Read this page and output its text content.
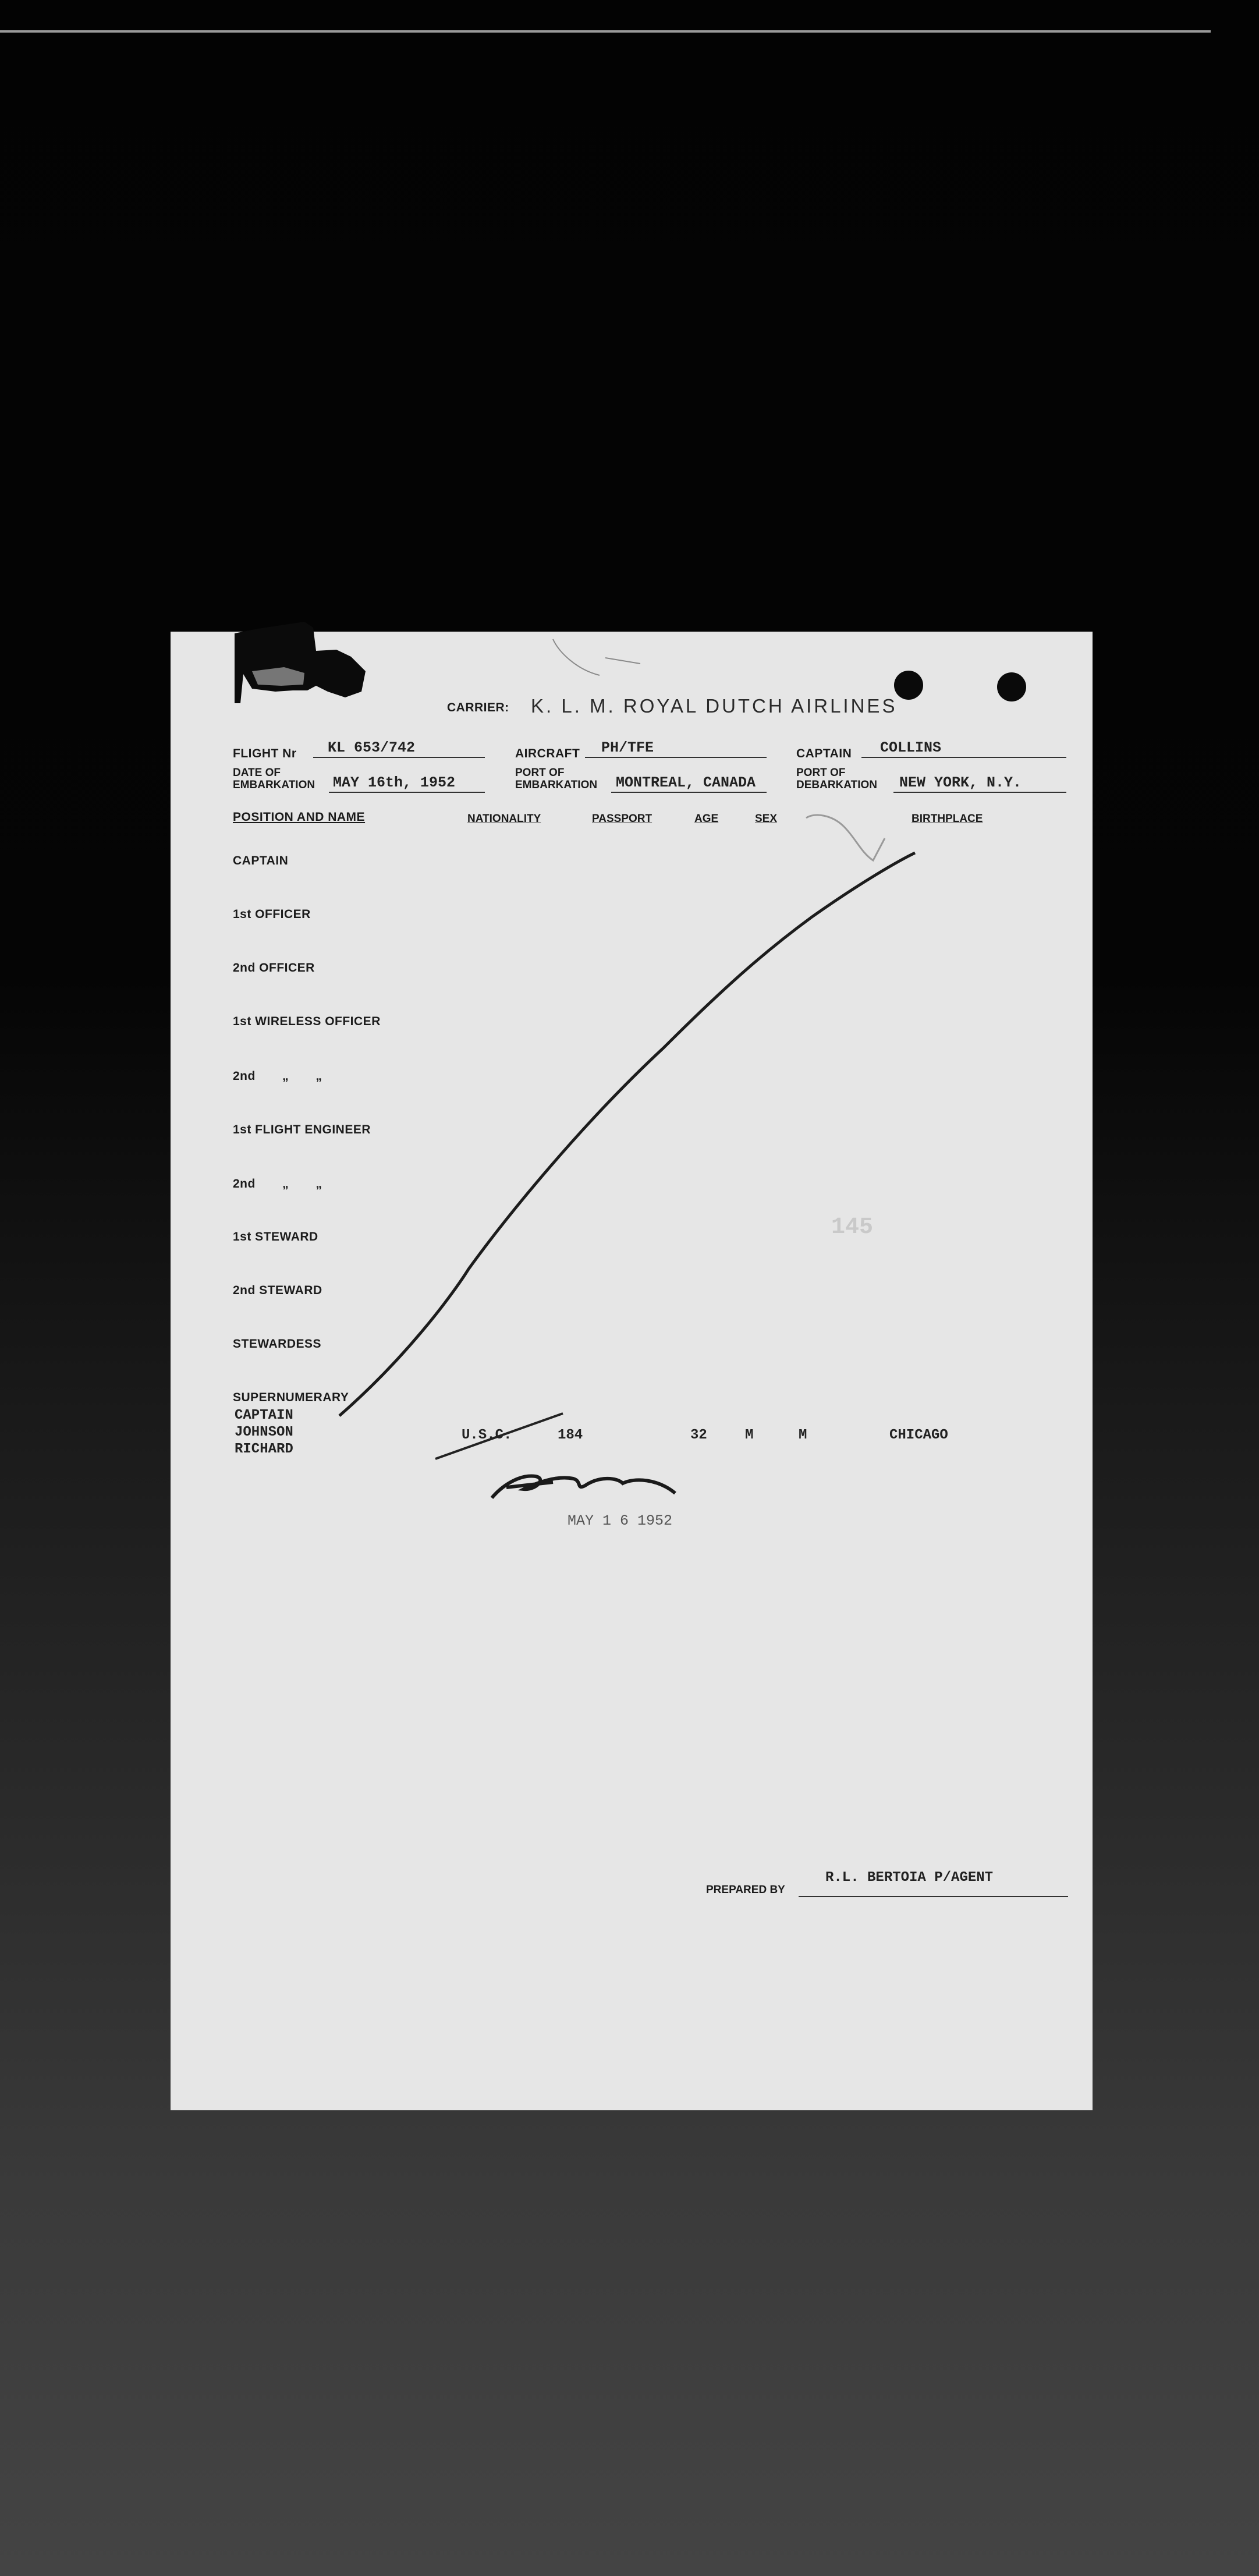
CARRIER: K. L. M. ROYAL DUTCH AIRLINES
FLIGHT Nr KL 653/742	AIRCRAFT PH/TFE	CAPTAIN COLLINS
DATE OF
EMBARKATION MAY 16th, 1952
PORT OF
EMBARKATION MONTREAL, CANADA
PORT OF
DEBARKATION NEW YORK, N.Y.
POSITION AND NAME	NATIONALITY	PASSPORT	AGE	SEX	BIRTHPLACE
CAPTAIN
1st OFFICER
2nd OFFICER
1st WIRELESS OFFICER
2nd „ „
1st FLIGHT ENGINEER
2nd „ „
1st STEWARD
2nd STEWARD
STEWARDESS
SUPERNUMERARY
CAPTAIN
JOHNSON
RICHARD
U.S.C.	184	32	M	M	CHICAGO
145
MAY 1 6 1952
PREPARED BY
R.L. BERTOIA P/AGENT
